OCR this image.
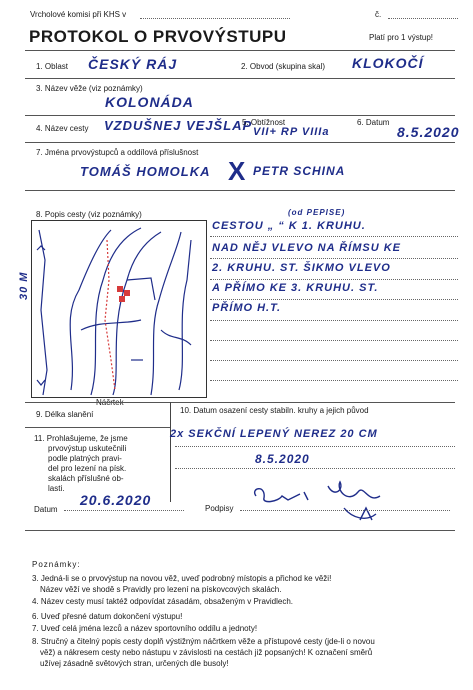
Vrcholové komisi při KHS v	č.
PROTOKOL O PRVOVÝSTUPU	Platí pro 1 výstup!
1. Oblast ČESKÝ RÁJ	2. Obvod (skupina skal) KLOKOČÍ
3. Název věže (viz poznámky)
KOLONÁDA
4. Název cesty VZDUŠNEJ VEJŠLAP
5. Obtížnost
VII+ RP VIIIa
6. Datum
8.5.2020
7. Jména prvovýstupců a oddílová příslušnost
TOMÁŠ HOMOLKA X PETR SCHINA
8. Popis cesty (viz poznámky)
30 M
Náčrtek
(od PEPISE)
CESTOU „ “ K 1. KRUHU.
NAD NĚJ VLEVO NA ŘÍMSU KE
2. KRUHU. ST. ŠIKMO VLEVO
A PŘÍMO KE 3. KRUHU. ST.
PŘÍMO H.T.
9. Délka slanění	10. Datum osazení cesty stabiln. kruhy a jejich původ
11. Prohlašujeme, že jsme
prvovýstup uskutečnili
podle platných pravi-
del pro lezení na písk.
skalách příslušné ob-
lasti.
2x SEKČNÍ LEPENÝ NEREZ 20 CM
8.5.2020
Datum
20.6.2020
Podpisy
Poznámky:
3. Jedná-li se o prvovýstup na novou věž, uveď podrobný místopis a přichod ke věži!
Název věží ve shodě s Pravidly pro lezení na pískovcových skalách.
4. Název cesty musí taktéž odpovídat zásadám, obsaženým v Pravidlech.
6. Uveď přesné datum dokončení výstupu!
7. Uveď celá jména lezců a název sportovního oddílu a jednoty!
8. Stručný a čitelný popis cesty doplň výstižným náčrtkem věže a přístupové cesty (jde-li o novou
věž) a nákresem cesty nebo nástupu v závislosti na cestách již popsaných! K označení směrů
užívej zásadně světových stran, určených dle busoly!
